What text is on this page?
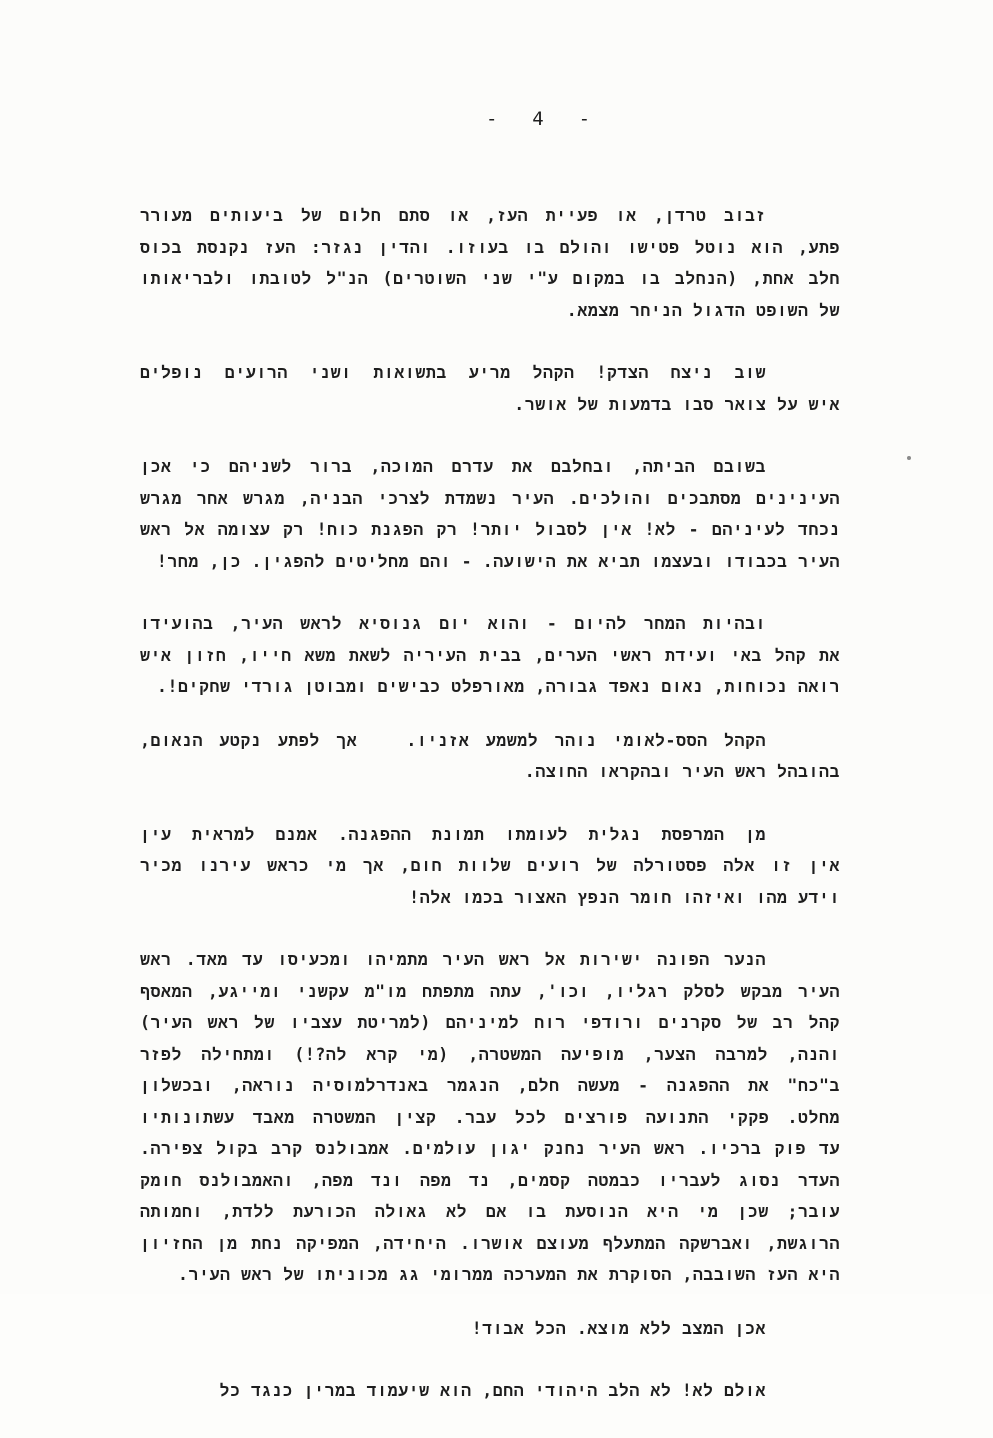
-  4  -
זבוב טרדן, או פעיית העז, או סתם חלום של ביעותים מעורר
פתע, הוא נוטל פטישו והולם בו בעוזו. והדין נגזר: העז נקנסת בכוס
חלב אחת, (הנחלב בו במקום ע"י שני השוטרים) הנ"ל לטובתו ולבריאותו
של השופט הדגול הניחר מצמא.
שוב ניצח הצדק! הקהל מריע בתשואות ושני הרועים נופלים
איש על צואר סבו בדמעות של אושר.
בשובם הביתה, ובחלבם את עדרם המוכה, ברור לשניהם כי אכן
העינינים מסתבכים והולכים. העיר נשמדת לצרכי הבניה, מגרש אחר מגרש
נכחד לעיניהם - לא! אין לסבול יותר! רק הפגנת כוח! רק עצומה אל ראש
העיר בכבודו ובעצמו תביא את הישועה. - והם מחליטים להפגין. כן, מחר!
ובהיות המחר להיום - והוא יום גנוסיא לראש העיר, בהועידו
את קהל באי ועידת ראשי הערים, בבית העיריה לשאת משא חייו, חזון איש
רואה נכוחות, נאום נאפד גבורה, מאורפלט כבישים ומבוטן גורדי שחקים!.
הקהל הסס-לאומי נוהר למשמע אזניו.   אך לפתע נקטע הנאום,
בהובהל ראש העיר ובהקראו החוצה.
מן המרפסת נגלית לעומתו תמונת ההפגנה. אמנם למראית עין
אין זו אלה פסטורלה של רועים שלוות חום, אך מי כראש עירנו מכיר
וידע מהו ואיזהו חומר הנפץ האצור בכמו אלה!
הנער הפונה ישירות אל ראש העיר מתמיהו ומכעיסו עד מאד. ראש
העיר מבקש לסלק רגליו, וכו', עתה מתפתח מו"מ עקשני ומייגע, המאסף
קהל רב של סקרנים ורודפי רוח למיניהם (למריטת עצביו של ראש העיר)
והנה, למרבה הצער, מופיעה המשטרה, (מי קרא לה?!) ומתחילה לפזר
ב"כח" את ההפגנה - מעשה חלם, הנגמר באנדרלמוסיה נוראה, ובכשלון
מחלט. פקקי התנועה פורצים לכל עבר. קצין המשטרה מאבד עשתונותיו
עד פוק ברכיו. ראש העיר נחנק יגון עולמים. אמבולנס קרב בקול צפירה.
העדר נסוג לעבריו כבמטה קסמים, נד מפה ונד מפה, והאמבולנס חומק
עובר; שכן מי היא הנוסעת בו אם לא גאולה הכורעת ללדת, וחמותה
הרוגשת, ואברשקה המתעלף מעוצם אושרו. היחידה, המפיקה נחת מן החזיון
היא העז השובבה, הסוקרת את המערכה ממרומי גג מכוניתו של ראש העיר.
אכן המצב ללא מוצא. הכל אבוד!
אולם לא! לא הלב היהודי החם, הוא שיעמוד במרין כנגד כל
